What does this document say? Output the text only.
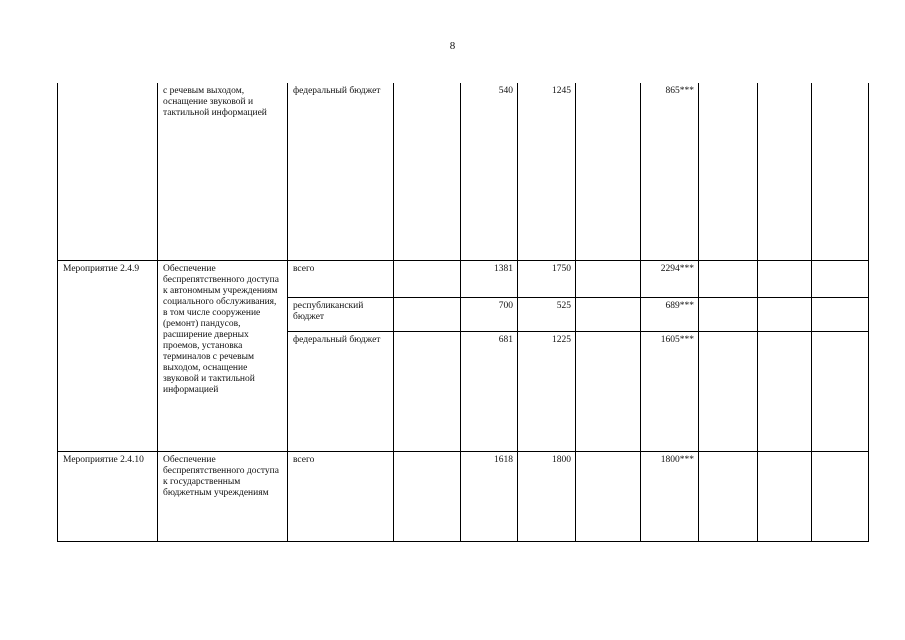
8
	с речевым выходом, оснащение звуковой и тактильной информацией	федеральный бюджет		540	1245		865***			
Мероприятие 2.4.9	Обеспечение беспрепятственного доступа к автономным учреждениям социального обслуживания, в том числе сооружение (ремонт) пандусов, расширение дверных проемов, установка терминалов с речевым выходом, оснащение звуковой и тактильной информацией	всего		1381	1750		2294***			
		республиканский бюджет		700	525		689***			
		федеральный бюджет		681	1225		1605***			
Мероприятие 2.4.10	Обеспечение беспрепятственного доступа к государственным бюджетным учреждениям	всего		1618	1800		1800***			
